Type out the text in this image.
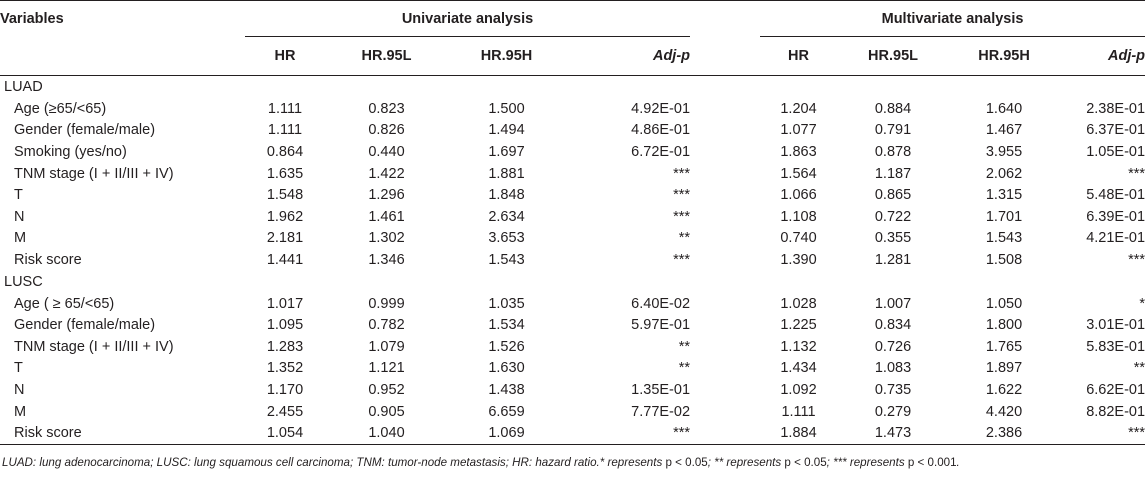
Variables	Univariate analysis					Multivariate analysis			

	HR	HR.95L	HR.95H	Adj-p		HR	HR.95L	HR.95H	Adj-p
LUAD									
Age (≥65/<65)	1.111	0.823	1.500	4.92E-01		1.204	0.884	1.640	2.38E-01
Gender (female/male)	1.111	0.826	1.494	4.86E-01		1.077	0.791	1.467	6.37E-01
Smoking (yes/no)	0.864	0.440	1.697	6.72E-01		1.863	0.878	3.955	1.05E-01
TNM stage (I + II/III + IV)	1.635	1.422	1.881	***		1.564	1.187	2.062	***
T	1.548	1.296	1.848	***		1.066	0.865	1.315	5.48E-01
N	1.962	1.461	2.634	***		1.108	0.722	1.701	6.39E-01
M	2.181	1.302	3.653	**		0.740	0.355	1.543	4.21E-01
Risk score	1.441	1.346	1.543	***		1.390	1.281	1.508	***
LUSC									
Age ( ≥ 65/<65)	1.017	0.999	1.035	6.40E-02		1.028	1.007	1.050	*
Gender (female/male)	1.095	0.782	1.534	5.97E-01		1.225	0.834	1.800	3.01E-01
TNM stage (I + II/III + IV)	1.283	1.079	1.526	**		1.132	0.726	1.765	5.83E-01
T	1.352	1.121	1.630	**		1.434	1.083	1.897	**
N	1.170	0.952	1.438	1.35E-01		1.092	0.735	1.622	6.62E-01
M	2.455	0.905	6.659	7.77E-02		1.111	0.279	4.420	8.82E-01
Risk score	1.054	1.040	1.069	***		1.884	1.473	2.386	***
LUAD: lung adenocarcinoma; LUSC: lung squamous cell carcinoma; TNM: tumor-node metastasis; HR: hazard ratio.* represents p < 0.05; ** represents p < 0.05; *** represents p < 0.001.
